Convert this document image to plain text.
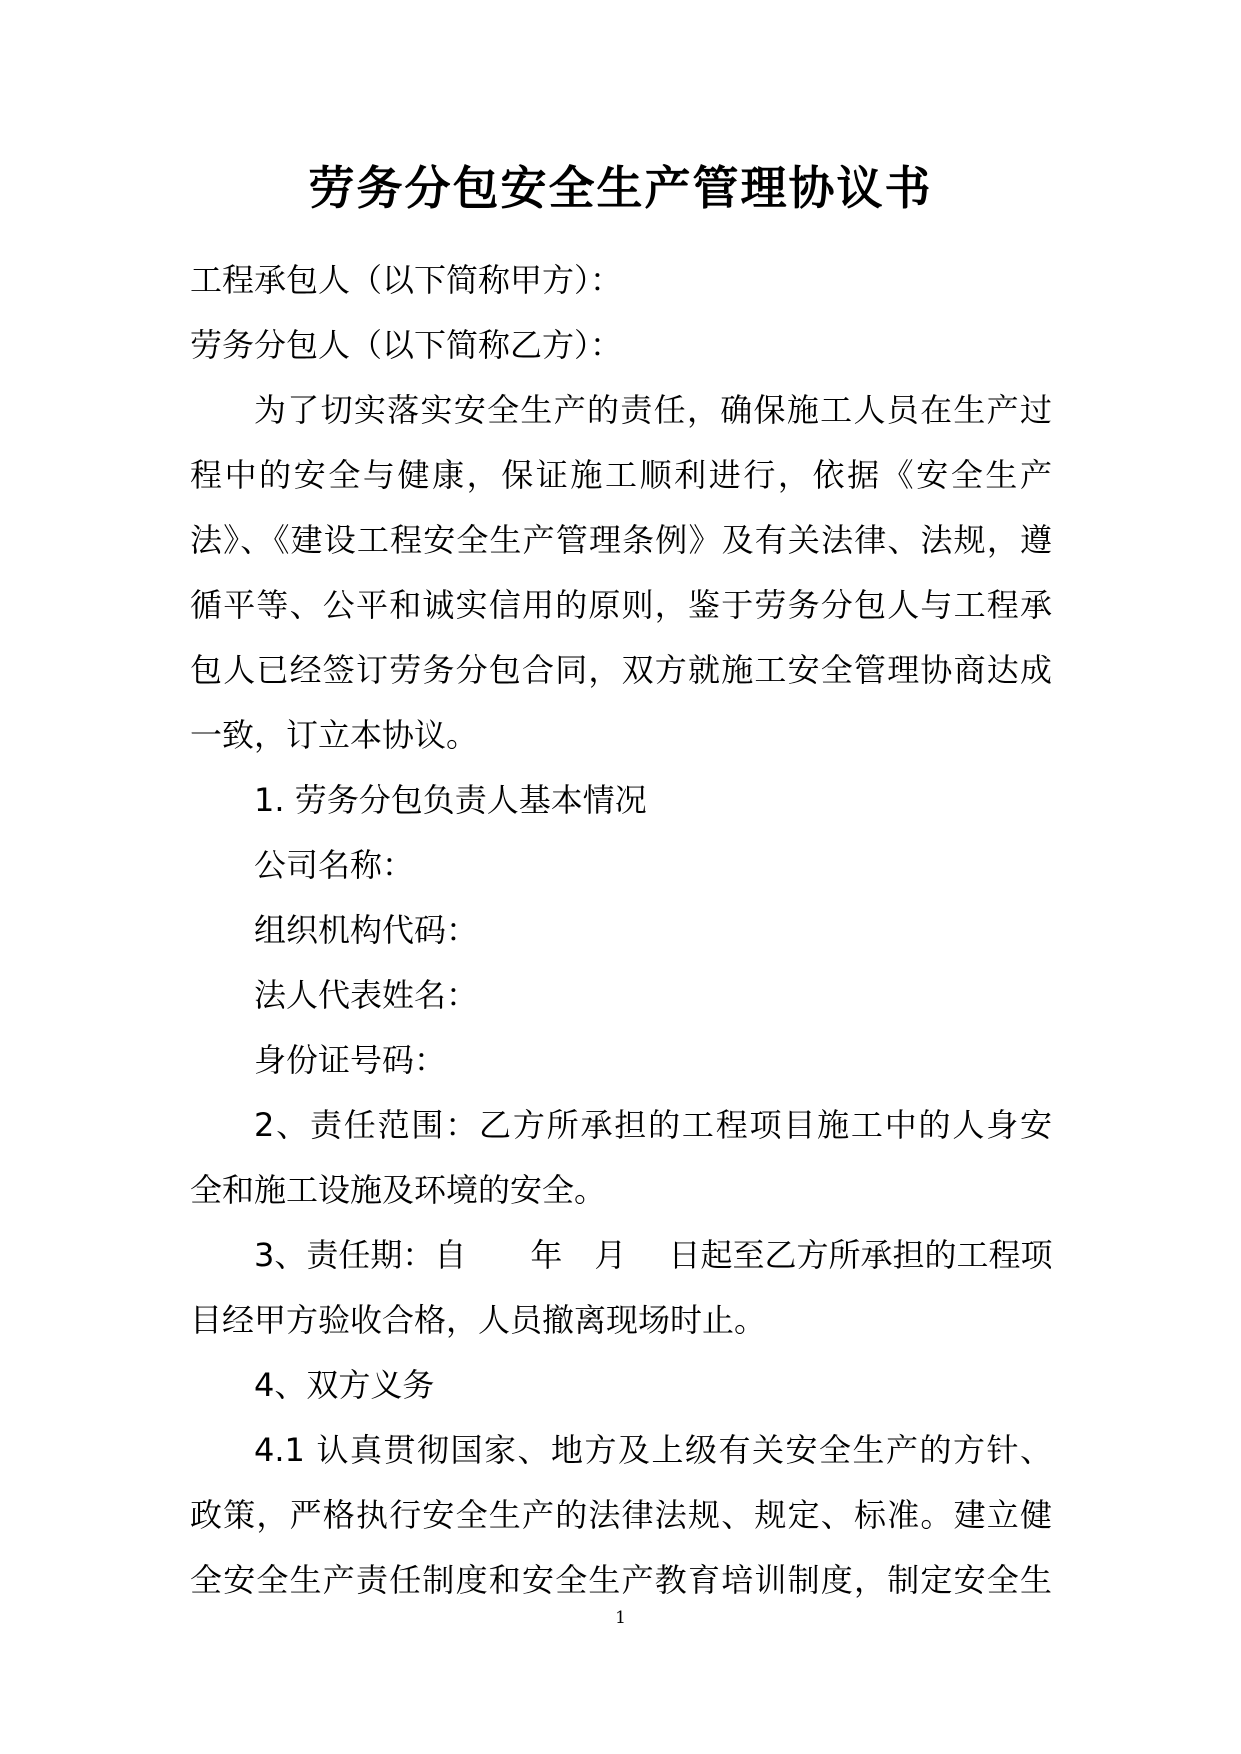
劳务分包安全生产管理协议书
工程承包人（以下简称甲方）：
劳务分包人（以下简称乙方）：
为了切实落实安全生产的责任，确保施工人员在生产过
程中的安全与健康，保证施工顺利进行，依据《安全生产
法》、《建设工程安全生产管理条例》及有关法律、法规，遵
循平等、公平和诚实信用的原则，鉴于劳务分包人与工程承
包人已经签订劳务分包合同，双方就施工安全管理协商达成
一致，订立本协议。
1. 劳务分包负责人基本情况
公司名称：
组织机构代码：
法人代表姓名：
身份证号码：
2、责任范围：乙方所承担的工程项目施工中的人身安
全和施工设施及环境的安全。
3、责任期：自　　年　月　 日起至乙方所承担的工程项
目经甲方验收合格，人员撤离现场时止。
4、双方义务
4.1 认真贯彻国家、地方及上级有关安全生产的方针、
政策，严格执行安全生产的法律法规、规定、标准。建立健
全安全生产责任制度和安全生产教育培训制度，制定安全生
1
